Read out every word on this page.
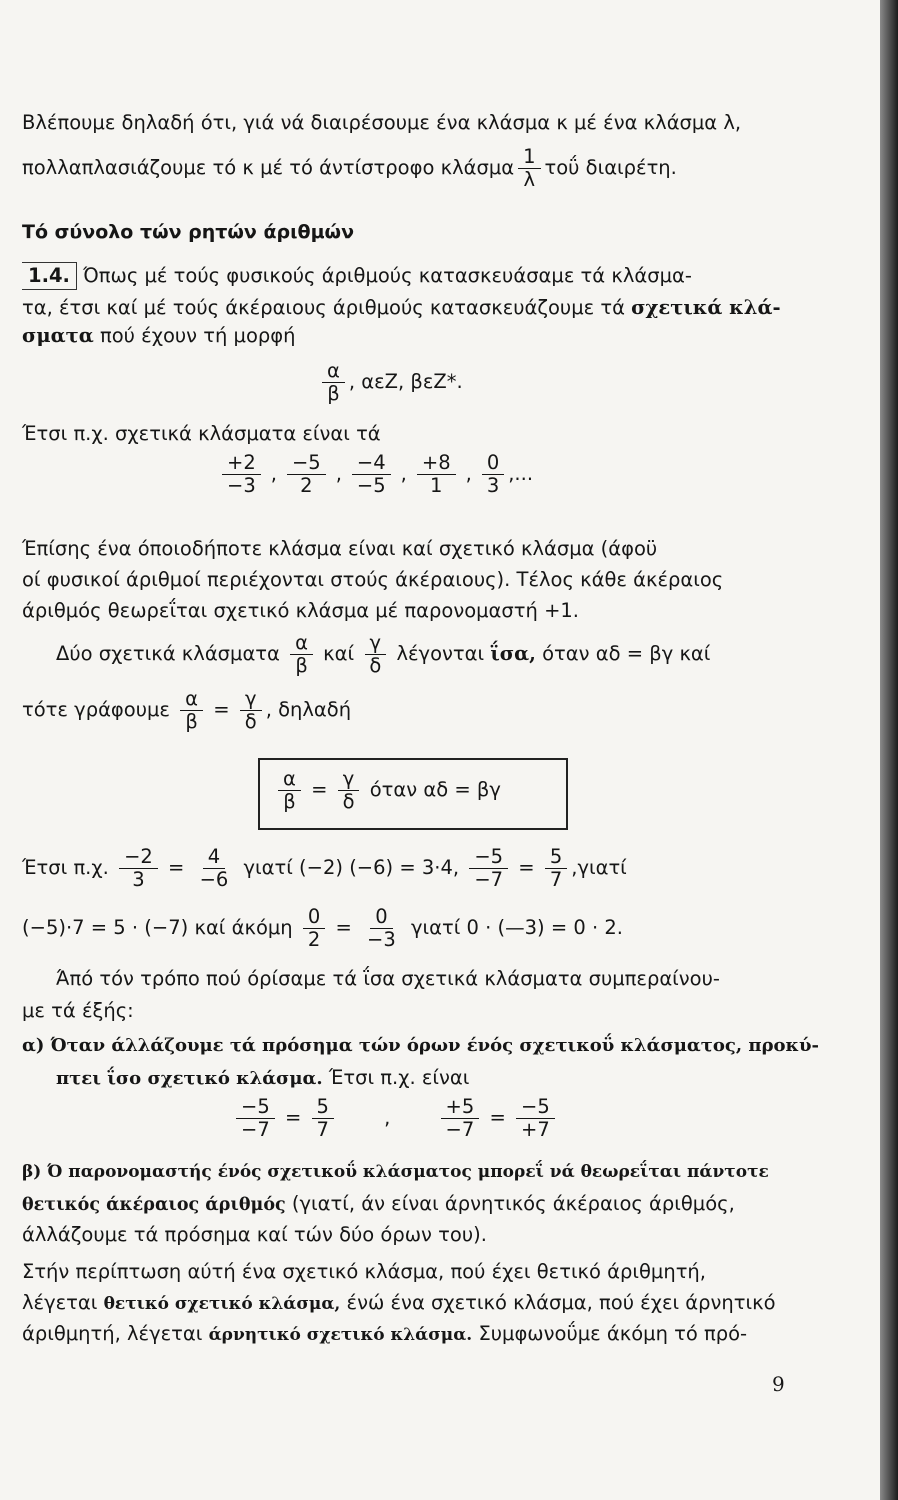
Βλέπουμε δηλαδή ότι, γιά νά διαιρέσουμε ένα κλάσμα κ μέ ένα κλάσμα λ,
πολλαπλασιάζουμε τό κ μέ τό άντίστροφο κλάσμα $\frac{1}{\lambda}$ τοΰ διαιρέτη.
Τό σύνολο τών ρητών άριθμών
1.4. Όπως μέ τούς φυσικούς άριθμούς κατασκευάσαμε τά κλάσμα-
τα, έτσι καί μέ τούς άκέραιους άριθμούς κατασκευάζουμε τά σχετικά κλά-
σματα πού έχουν τή μορφή
$\frac{\alpha}{\beta}$ , αεΖ, βεΖ*.
Έτσι π.χ. σχετικά κλάσματα είναι τά
$\frac{+2}{-3}$ , $\frac{-5}{2}$ , $\frac{-4}{-5}$ , $\frac{+8}{1}$ , $\frac{0}{3}$ ,...
Έπίσης ένα όποιοδήποτε κλάσμα είναι καί σχετικό κλάσμα (άφοϋ
οί φυσικοί άριθμοί περιέχονται στούς άκέραιους). Τέλος κάθε άκέραιος
άριθμός θεωρεΐται σχετικό κλάσμα μέ παρονομαστή +1.
Δύο σχετικά κλάσματα $\frac{\alpha}{\beta}$ καί $\frac{\gamma}{\delta}$ λέγονται ΐσα, όταν αδ = βγ καί
τότε γράφουμε $\frac{\alpha}{\beta} = \frac{\gamma}{\delta}$ , δηλαδή
$\frac{\alpha}{\beta} = \frac{\gamma}{\delta}$ όταν αδ = βγ
Έτσι π.χ. $\frac{-2}{3} = \frac{4}{-6}$ γιατί (−2) (−6) = 3·4, $\frac{-5}{-7} = \frac{5}{7} ,\gamma\iota\alpha\tau ί$
(−5)·7 = 5 · (−7) καί άκόμη $\frac{0}{2} = \frac{0}{-3}$ γιατί 0 · (—3) = 0 · 2.
Άπό τόν τρόπο πού όρίσαμε τά ΐσα σχετικά κλάσματα συμπεραίνου-
με τά έξής:
α) Όταν άλλάζουμε τά πρόσημα τών όρων ένός σχετικοΰ κλάσματος, προκύ-
πτει ΐσο σχετικό κλάσμα. Έτσι π.χ. είναι
$\frac{-5}{-7} = \frac{5}{7}$	,	$\frac{+5}{-7} = \frac{-5}{+7}$
β) Ό παρονομαστής ένός σχετικοΰ κλάσματος μπορεΐ νά θεωρεΐται πάντοτε
θετικός άκέραιος άριθμός (γιατί, άν είναι άρνητικός άκέραιος άριθμός,
άλλάζουμε τά πρόσημα καί τών δύο όρων του).
Στήν περίπτωση αύτή ένα σχετικό κλάσμα, πού έχει θετικό άριθμητή,
λέγεται θετικό σχετικό κλάσμα, ένώ ένα σχετικό κλάσμα, πού έχει άρνητικό
άριθμητή, λέγεται άρνητικό σχετικό κλάσμα. Συμφωνοΰμε άκόμη τό πρό-
9
